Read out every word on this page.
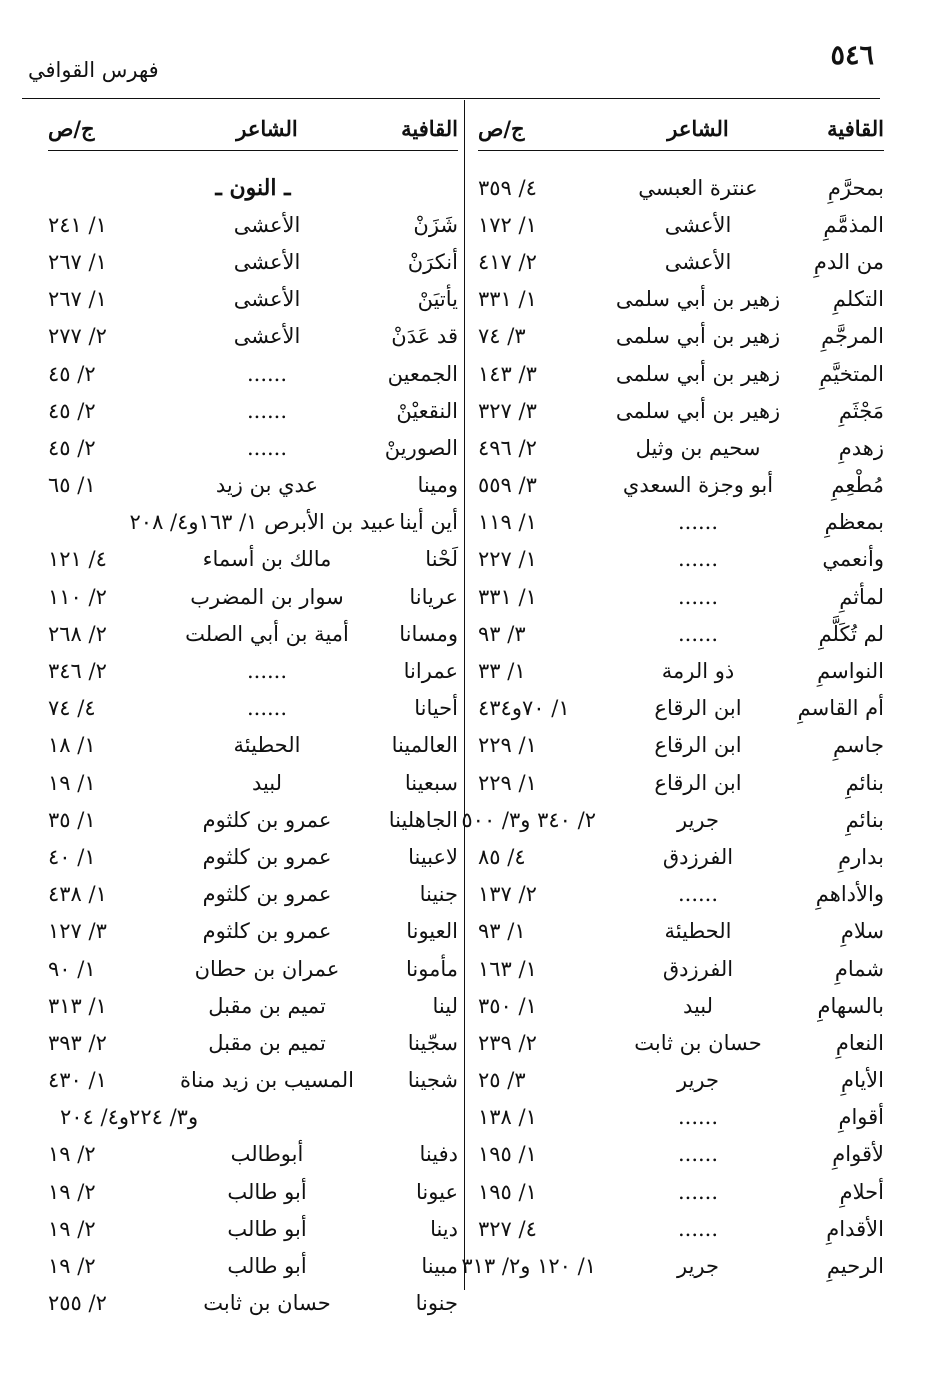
٥٤٦
فهرس القوافي
القافية
الشاعر
ج/ص
بمحرَّمِ
عنترة العبسي
٤/ ٣٥٩
المذمَّمِ
الأعشى
١/ ١٧٢
من الدمِ
الأعشى
٢/ ٤١٧
التكلمِ
زهير بن أبي سلمى
١/ ٣٣١
المرجَّمِ
زهير بن أبي سلمى
٣/ ٧٤
المتخيَّمِ
زهير بن أبي سلمى
٣/ ١٤٣
مَجْثَمِ
زهير بن أبي سلمى
٣/ ٣٢٧
زهدمِ
سحيم بن وثيل
٢/ ٤٩٦
مُطْعِمِ
أبو وجزة السعدي
٣/ ٥٥٩
بمعظمِ
......
١/ ١١٩
وأنعمي
......
١/ ٢٢٧
لمأثمِ
......
١/ ٣٣١
لم تُكَلَّمِ
......
٣/ ٩٣
النواسمِ
ذو الرمة
١/ ٣٣
أم القاسمِ
ابن الرقاع
١/ ٧٠و٤٣٤
جاسمِ
ابن الرقاع
١/ ٢٢٩
بنائمِ
ابن الرقاع
١/ ٢٢٩
بنائمِ
جرير
٢/ ٣٤٠ و٣/ ٥٠٠
بدارمِ
الفرزدق
٤/ ٨٥
والأداهمِ
......
٢/ ١٣٧
سلامِ
الحطيئة
١/ ٩٣
شمامِ
الفرزدق
١/ ١٦٣
بالسهامِ
لبيد
١/ ٣٥٠
النعامِ
حسان بن ثابت
٢/ ٢٣٩
الأيامِ
جرير
٣/ ٢٥
أقوامِ
......
١/ ١٣٨
لأقوامِ
......
١/ ١٩٥
أحلامِ
......
١/ ١٩٥
الأقدامِ
......
٤/ ٣٢٧
الرحيمِ
جرير
١/ ١٢٠ و٢/ ٣١٣
القافية
الشاعر
ج/ص
ـ النون ـ
شَزَنْ
الأعشى
١/ ٢٤١
أنكرَنْ
الأعشى
١/ ٢٦٧
يأتيَنْ
الأعشى
١/ ٢٦٧
قد عَدَنْ
الأعشى
٢/ ٢٧٧
الجمعين
......
٢/ ٤٥
النقعيْنْ
......
٢/ ٤٥
الصورينْ
......
٢/ ٤٥
ومينا
عدي بن زيد
١/ ٦٥
أين أينا
عبيد بن الأبرص ١/ ١٦٣و٤/ ٢٠٨
لَحْنا
مالك بن أسماء
٤/ ١٢١
عريانا
سوار بن المضرب
٢/ ١١٠
ومسانا
أمية بن أبي الصلت
٢/ ٢٦٨
عمرانا
......
٢/ ٣٤٦
أحيانا
......
٤/ ٧٤
العالمينا
الحطيئة
١/ ١٨
سبعينا
لبيد
١/ ١٩
الجاهلينا
عمرو بن كلثوم
١/ ٣٥
لاعبينا
عمرو بن كلثوم
١/ ٤٠
جنينا
عمرو بن كلثوم
١/ ٤٣٨
العيونا
عمرو بن كلثوم
٣/ ١٢٧
مأمونا
عمران بن حطان
١/ ٩٠
لينا
تميم بن مقبل
١/ ٣١٣
سجّينا
تميم بن مقبل
٢/ ٣٩٣
شجينا
المسيب بن زيد مناة
١/ ٤٣٠
و٣/ ٢٢٤و٤/ ٢٠٤
دفينا
أبوطالب
٢/ ١٩
عيونا
أبو طالب
٢/ ١٩
دينا
أبو طالب
٢/ ١٩
مبينا
أبو طالب
٢/ ١٩
جنونا
حسان بن ثابت
٢/ ٢٥٥
